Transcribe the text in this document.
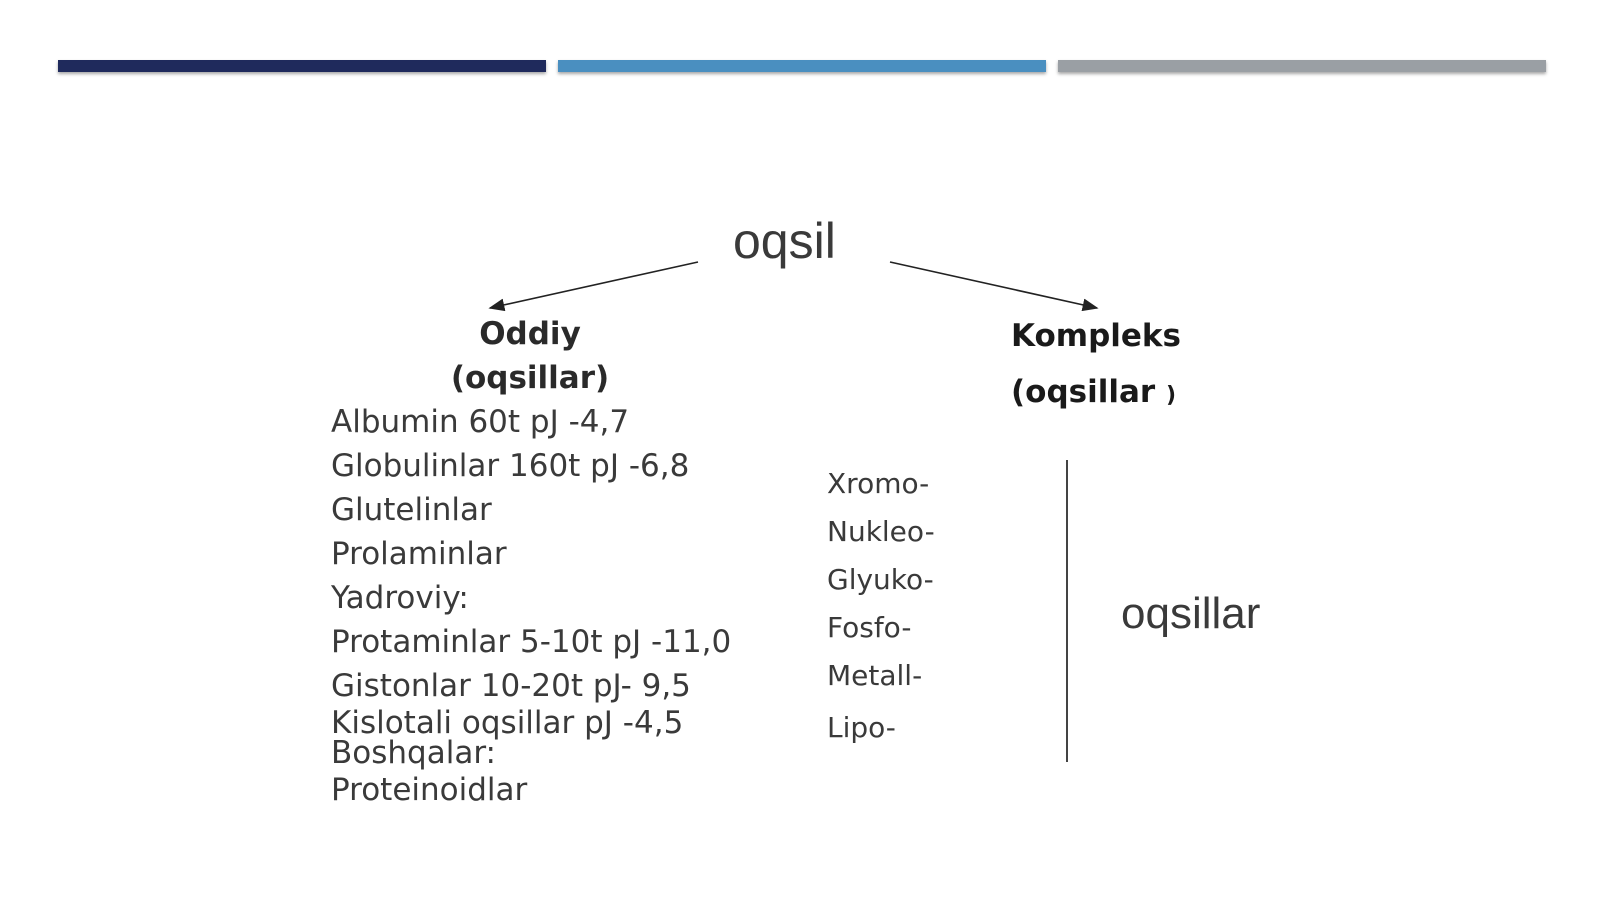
oqsil
Oddiy
(oqsillar)
Kompleks
(oqsillar )
Albumin 60t pJ -4,7
Globulinlar 160t pJ -6,8
Glutelinlar
Prolaminlar
Yadroviy:
Protaminlar 5-10t pJ -11,0
Gistonlar 10-20t pJ- 9,5
Kislotali oqsillar pJ -4,5
Boshqalar:
Proteinoidlar
Xromo-
Nukleo-
Glyuko-
Fosfo-
Metall-
Lipo-
oqsillar
